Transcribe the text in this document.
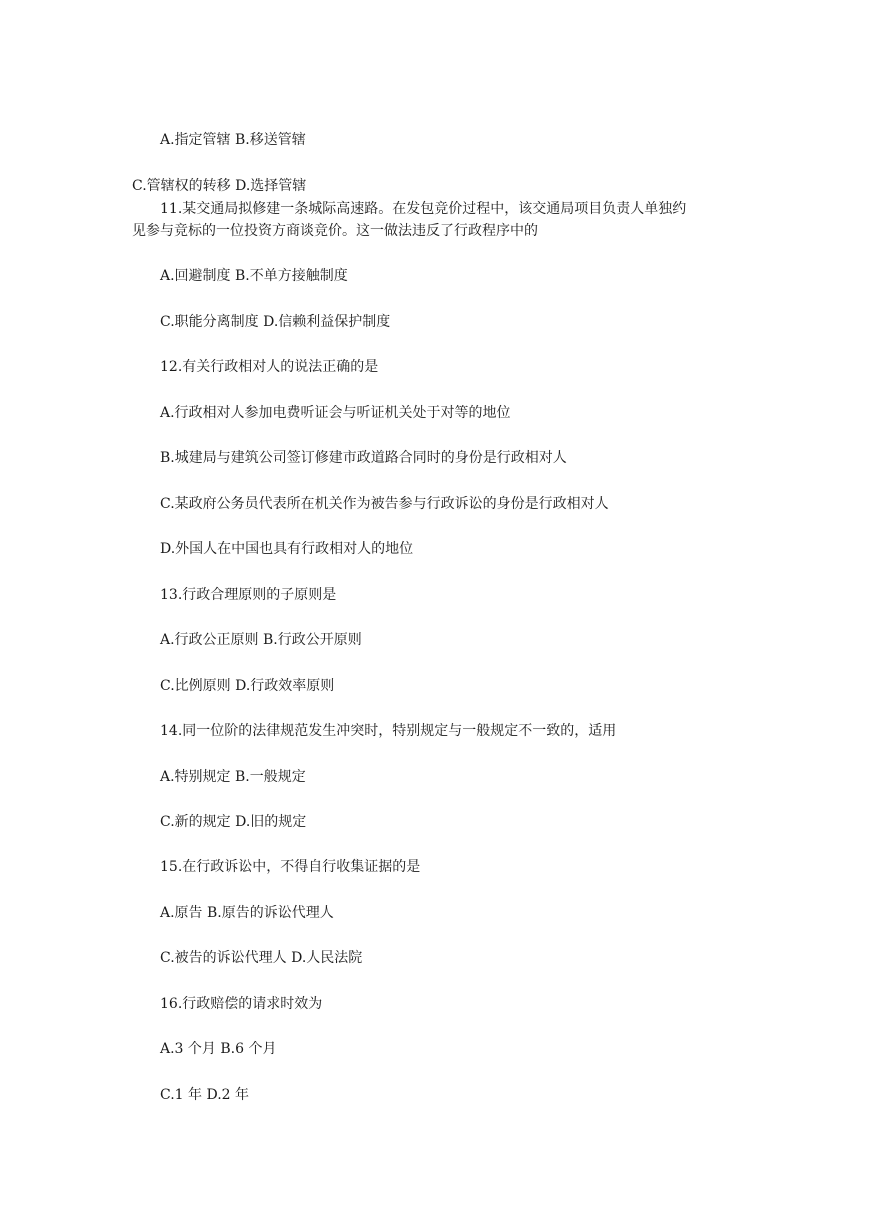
A.指定管辖 B.移送管辖
C.管辖权的转移 D.选择管辖
11.某交通局拟修建一条城际高速路。在发包竞价过程中，该交通局项目负责人单独约
见参与竞标的一位投资方商谈竞价。这一做法违反了行政程序中的
A.回避制度 B.不单方接触制度
C.职能分离制度 D.信赖利益保护制度
12.有关行政相对人的说法正确的是
A.行政相对人参加电费听证会与听证机关处于对等的地位
B.城建局与建筑公司签订修建市政道路合同时的身份是行政相对人
C.某政府公务员代表所在机关作为被告参与行政诉讼的身份是行政相对人
D.外国人在中国也具有行政相对人的地位
13.行政合理原则的子原则是
A.行政公正原则 B.行政公开原则
C.比例原则 D.行政效率原则
14.同一位阶的法律规范发生冲突时，特别规定与一般规定不一致的，适用
A.特别规定 B.一般规定
C.新的规定 D.旧的规定
15.在行政诉讼中，不得自行收集证据的是
A.原告 B.原告的诉讼代理人
C.被告的诉讼代理人 D.人民法院
16.行政赔偿的请求时效为
A.3 个月 B.6 个月
C.1 年 D.2 年
